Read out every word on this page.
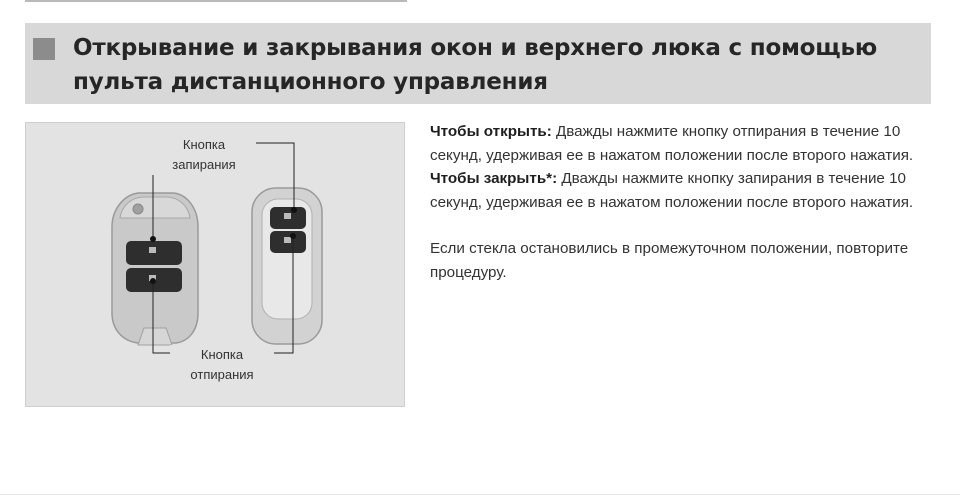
Открывание и закрывания окон и верхнего люка с помощью
пульта дистанционного управления
Кнопка
запирания
Кнопка
отпирания

Чтобы открыть: Дважды нажмите кнопку отпирания в течение 10 секунд, удерживая ее в нажатом положении после второго нажатия.

Чтобы закрыть*: Дважды нажмите кнопку запирания в течение 10 секунд, удерживая ее в нажатом положении после второго нажатия.

Если стекла остановились в промежуточном положении, повторите процедуру.
